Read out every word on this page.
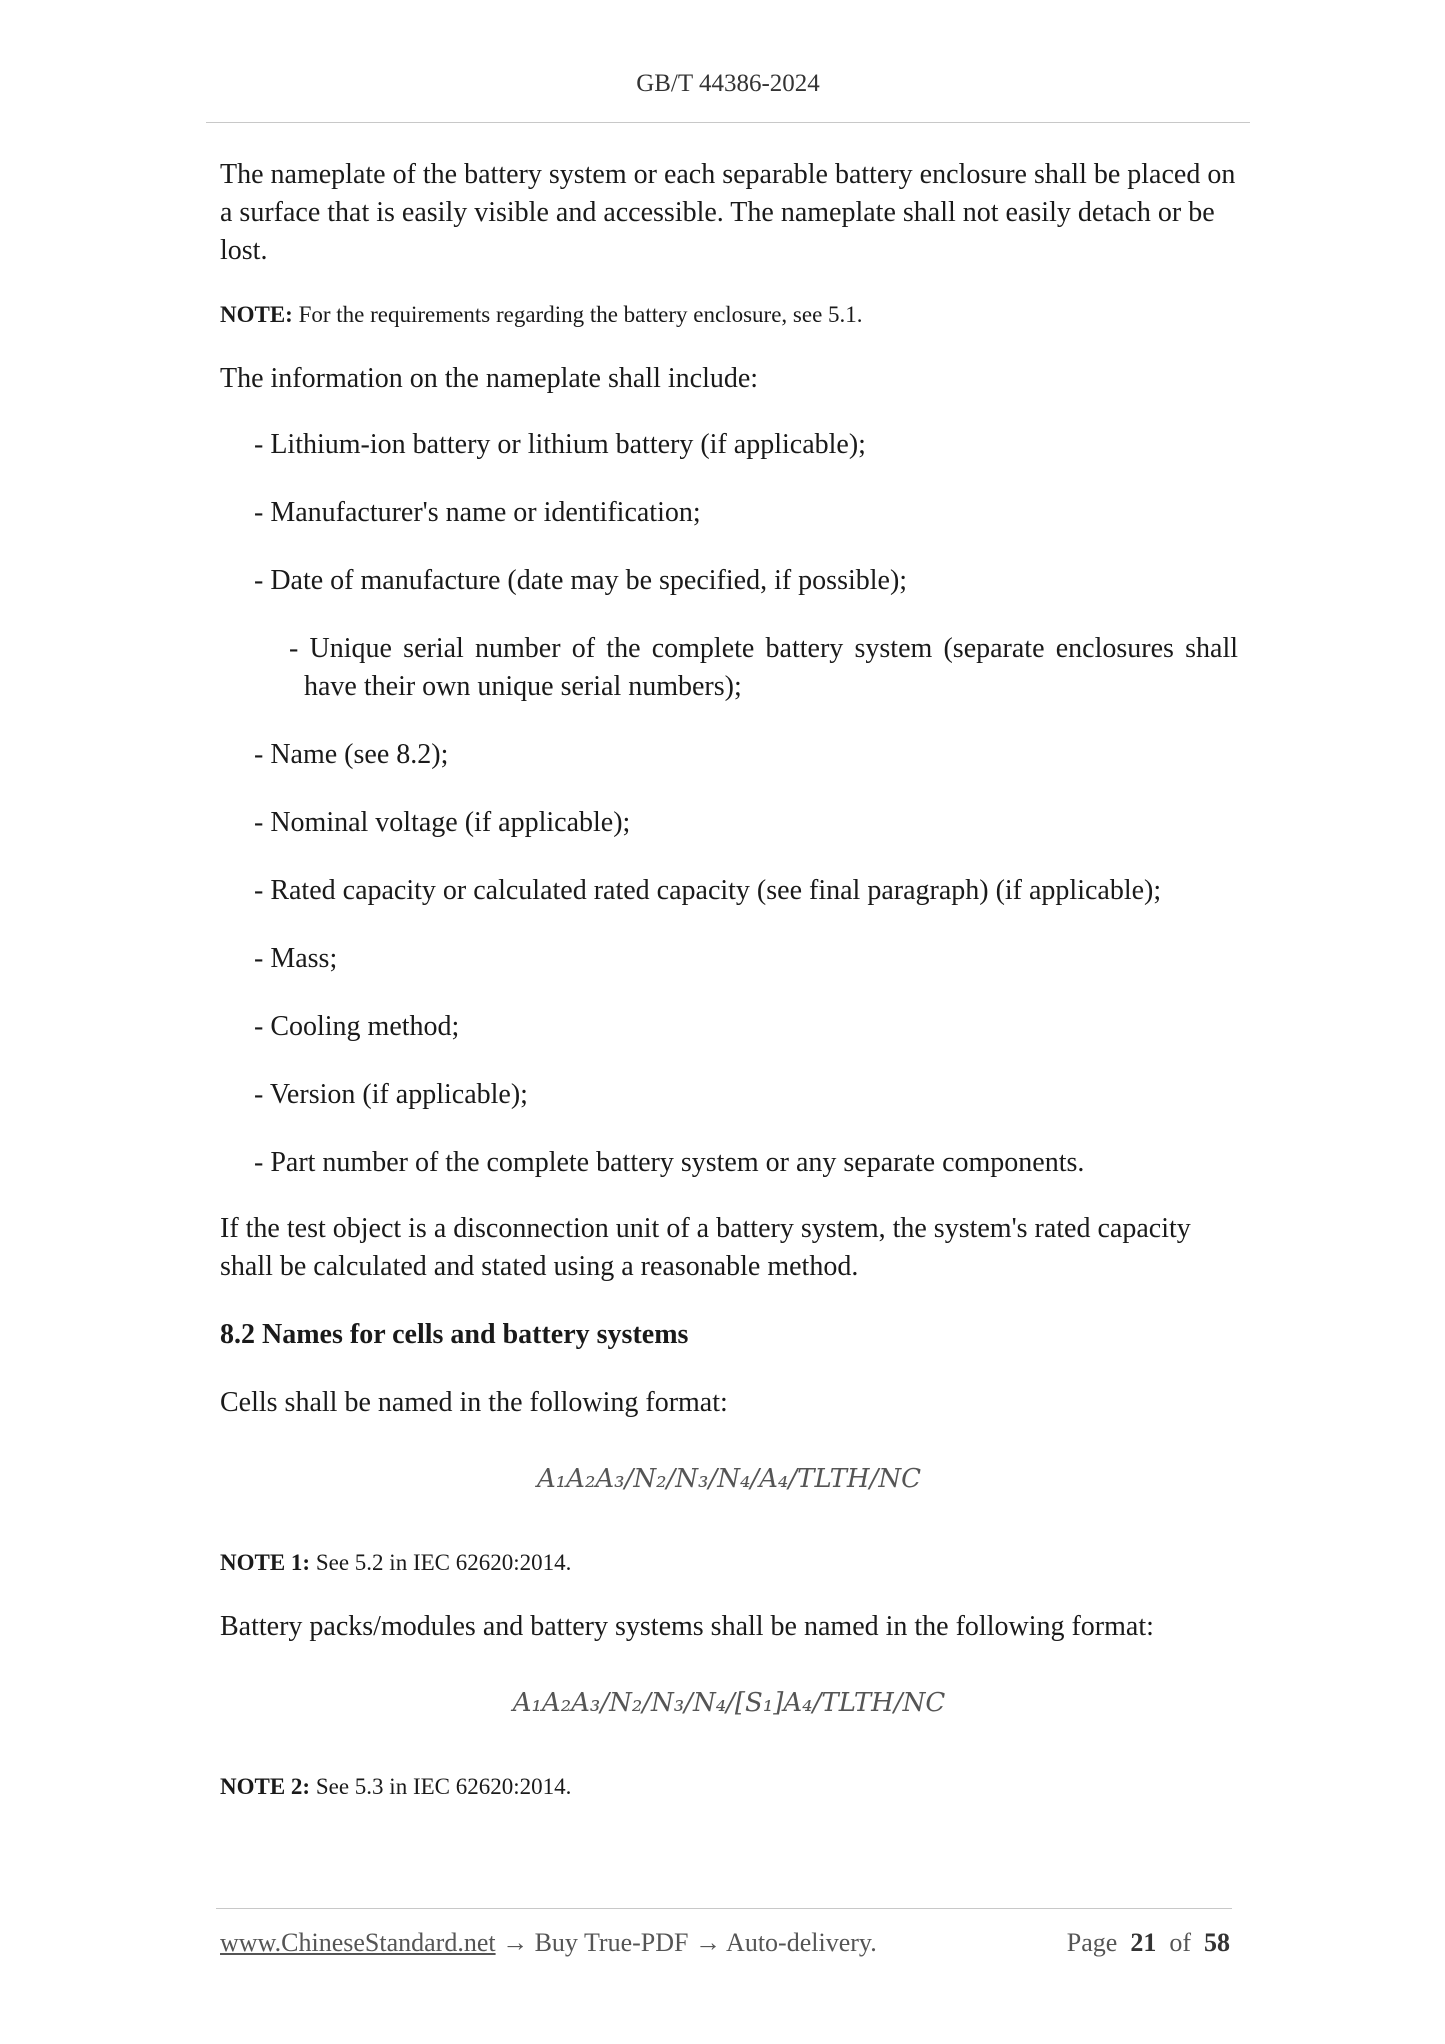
GB/T 44386-2024

The nameplate of the battery system or each separable battery enclosure shall be placed on a surface that is easily visible and accessible. The nameplate shall not easily detach or be lost.

NOTE: For the requirements regarding the battery enclosure, see 5.1.

The information on the nameplate shall include:

- Lithium-ion battery or lithium battery (if applicable);
- Manufacturer's name or identification;
- Date of manufacture (date may be specified, if possible);
- Unique serial number of the complete battery system (separate enclosures shall have their own unique serial numbers);
- Name (see 8.2);
- Nominal voltage (if applicable);
- Rated capacity or calculated rated capacity (see final paragraph) (if applicable);
- Mass;
- Cooling method;
- Version (if applicable);
- Part number of the complete battery system or any separate components.

If the test object is a disconnection unit of a battery system, the system's rated capacity shall be calculated and stated using a reasonable method.

8.2 Names for cells and battery systems

Cells shall be named in the following format:

A₁A₂A₃/N₂/N₃/N₄/A₄/TLTH/NC

NOTE 1: See 5.2 in IEC 62620:2014.

Battery packs/modules and battery systems shall be named in the following format:

A₁A₂A₃/N₂/N₃/N₄/[S₁]A₄/TLTH/NC

NOTE 2: See 5.3 in IEC 62620:2014.

www.ChineseStandard.net → Buy True-PDF → Auto-delivery.	Page 21 of 58
